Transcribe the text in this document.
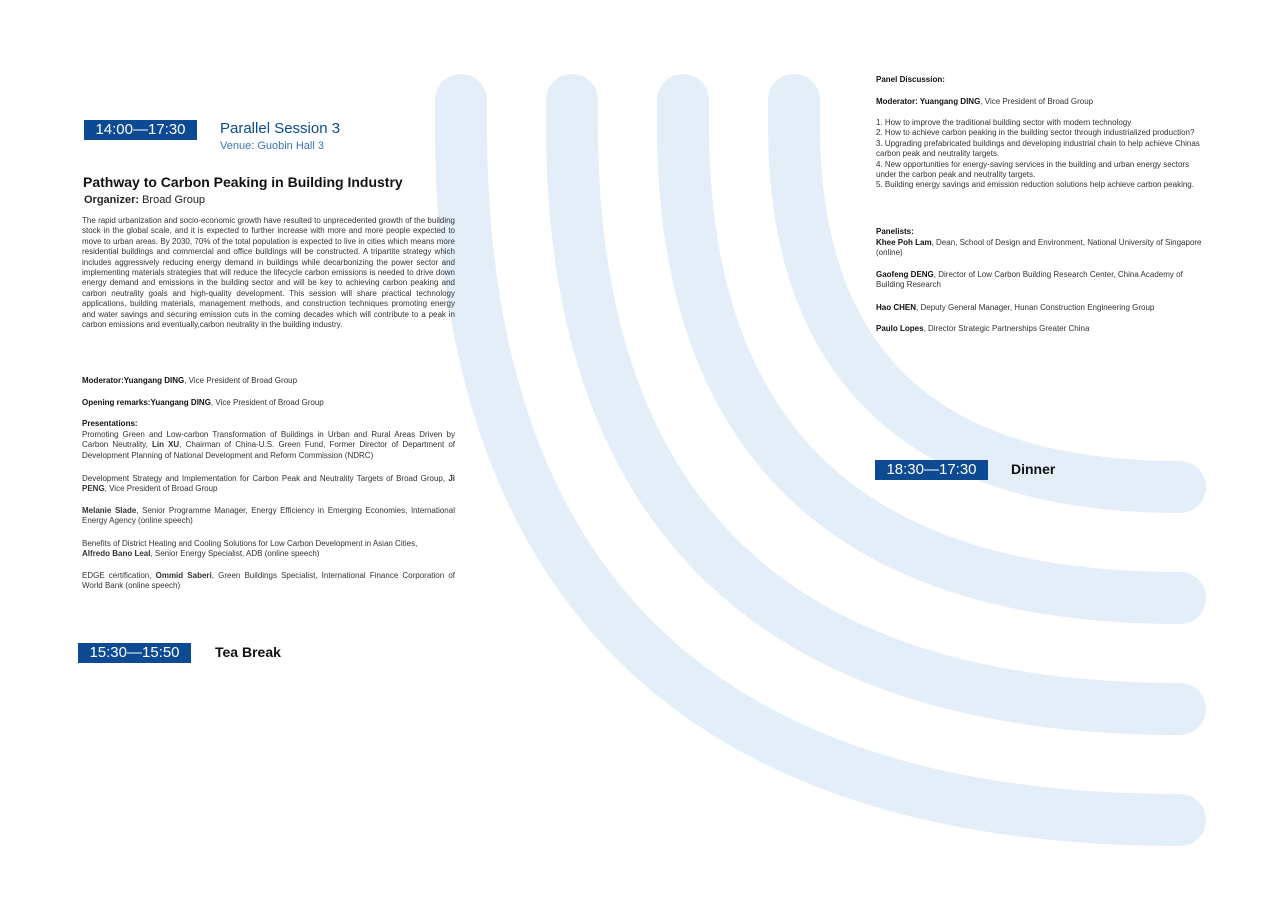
14:00—17:30	Parallel Session 3
Venue: Guobin Hall 3
Pathway to Carbon Peaking in Building Industry
Organizer: Broad Group
The rapid urbanization and socio-economic growth have resulted to unprecedented growth of the building stock in the global scale, and it is expected to further increase with more and more people expected to move to urban areas. By 2030, 70% of the total population is expected to live in cities which means more residential buildings and commercial and office buildings will be constructed. A tripartite strategy which includes aggressively reducing energy demand in buildings while decarbonizing the power sector and implementing materials strategies that will reduce the lifecycle carbon emissions is needed to drive down energy demand and emissions in the building sector and will be key to achieving carbon peaking and carbon neutrality goals and high-quality development. This session will share practical technology applications, building materials, management methods, and construction techniques promoting energy and water savings and securing emission cuts in the coming decades which will contribute to a peak in carbon emissions and eventually,carbon neutrality in the building industry.
Moderator:Yuangang DING, Vice President of Broad Group
Opening remarks:Yuangang DING, Vice President of Broad Group
Presentations:
Promoting Green and Low-carbon Transformation of Buildings in Urban and Rural Areas Driven by Carbon Neutrality, Lin XU, Chairman of China-U.S. Green Fund, Former Director of Department of Development Planning of National Development and Reform Commission (NDRC)
Development Strategy and Implementation for Carbon Peak and Neutrality Targets of Broad Group, Ji PENG, Vice President of Broad Group
Melanie Slade, Senior Programme Manager, Energy Efficiency in Emerging Economies, International Energy Agency (online speech)
Benefits of District Heating and Cooling Solutions for Low Carbon Development in Asian Cities,
Alfredo Bano Leal, Senior Energy Specialist, ADB (online speech)
EDGE certification, Ommid Saberi, Green Buildings Specialist, International Finance Corporation of World Bank (online speech)
15:30—15:50	Tea Break
Panel Discussion:
Moderator: Yuangang DING, Vice President of Broad Group
1. How to improve the traditional building sector with modern technology
2. How to achieve carbon peaking in the building sector through industrialized production?
3. Upgrading prefabricated buildings and developing industrial chain to help achieve Chinas carbon peak and neutrality targets.
4. New opportunities for energy-saving services in the building and urban energy sectors under the carbon peak and neutrality targets.
5. Building energy savings and emission reduction solutions help achieve carbon peaking.
Panelists:
Khee Poh Lam, Dean, School of Design and Environment, National University of Singapore (online)
Gaofeng DENG, Director of Low Carbon Building Research Center, China Academy of Building Research
Hao CHEN, Deputy General Manager, Hunan Construction Engineering Group
Paulo Lopes, Director Strategic Partnerships Greater China
18:30—17:30	Dinner
